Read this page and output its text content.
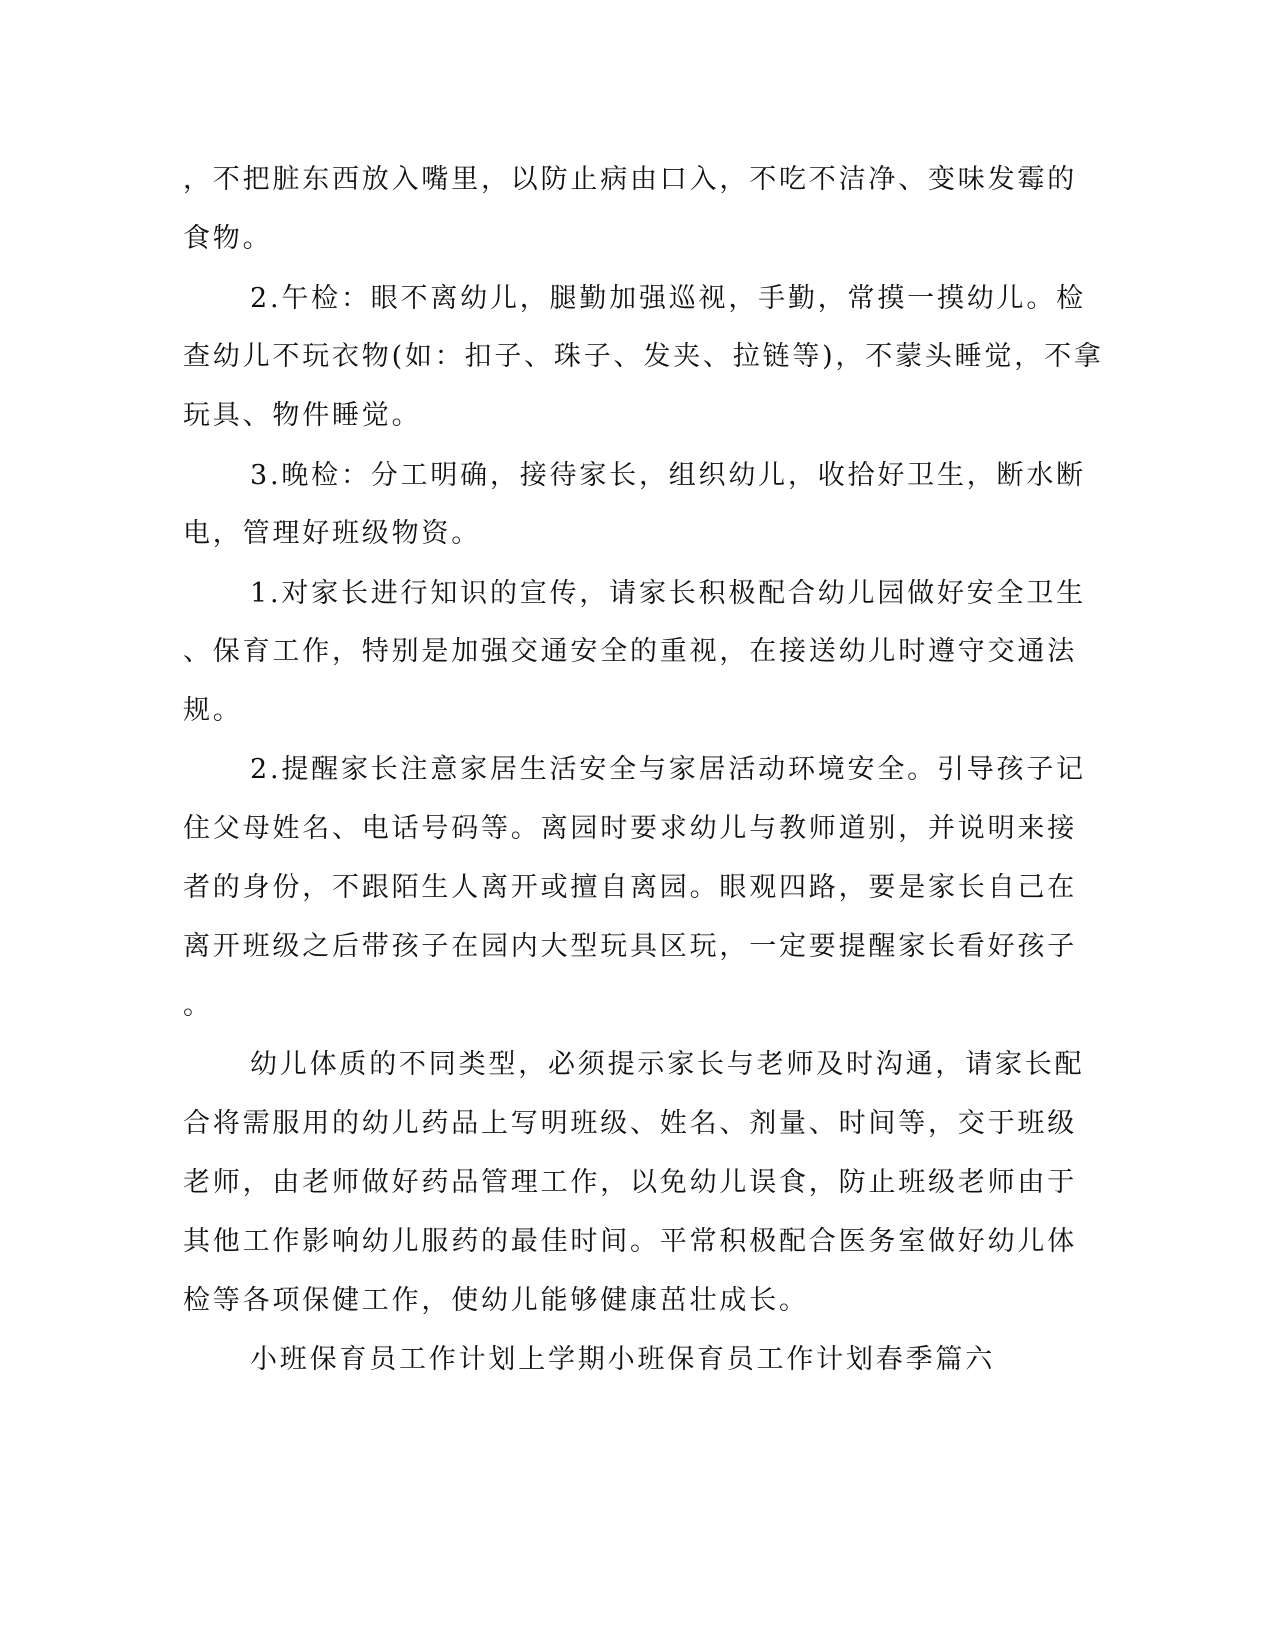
，不把脏东西放入嘴里，以防止病由口入，不吃不洁净、变味发霉的
食物。
2.午检：眼不离幼儿，腿勤加强巡视，手勤，常摸一摸幼儿。检
查幼儿不玩衣物(如：扣子、珠子、发夹、拉链等)，不蒙头睡觉，不拿
玩具、物件睡觉。
3.晚检：分工明确，接待家长，组织幼儿，收拾好卫生，断水断
电，管理好班级物资。
1.对家长进行知识的宣传，请家长积极配合幼儿园做好安全卫生
、保育工作，特别是加强交通安全的重视，在接送幼儿时遵守交通法
规。
2.提醒家长注意家居生活安全与家居活动环境安全。引导孩子记
住父母姓名、电话号码等。离园时要求幼儿与教师道别，并说明来接
者的身份，不跟陌生人离开或擅自离园。眼观四路，要是家长自己在
离开班级之后带孩子在园内大型玩具区玩，一定要提醒家长看好孩子
。
幼儿体质的不同类型，必须提示家长与老师及时沟通，请家长配
合将需服用的幼儿药品上写明班级、姓名、剂量、时间等，交于班级
老师，由老师做好药品管理工作，以免幼儿误食，防止班级老师由于
其他工作影响幼儿服药的最佳时间。平常积极配合医务室做好幼儿体
检等各项保健工作，使幼儿能够健康茁壮成长。
小班保育员工作计划上学期小班保育员工作计划春季篇六
